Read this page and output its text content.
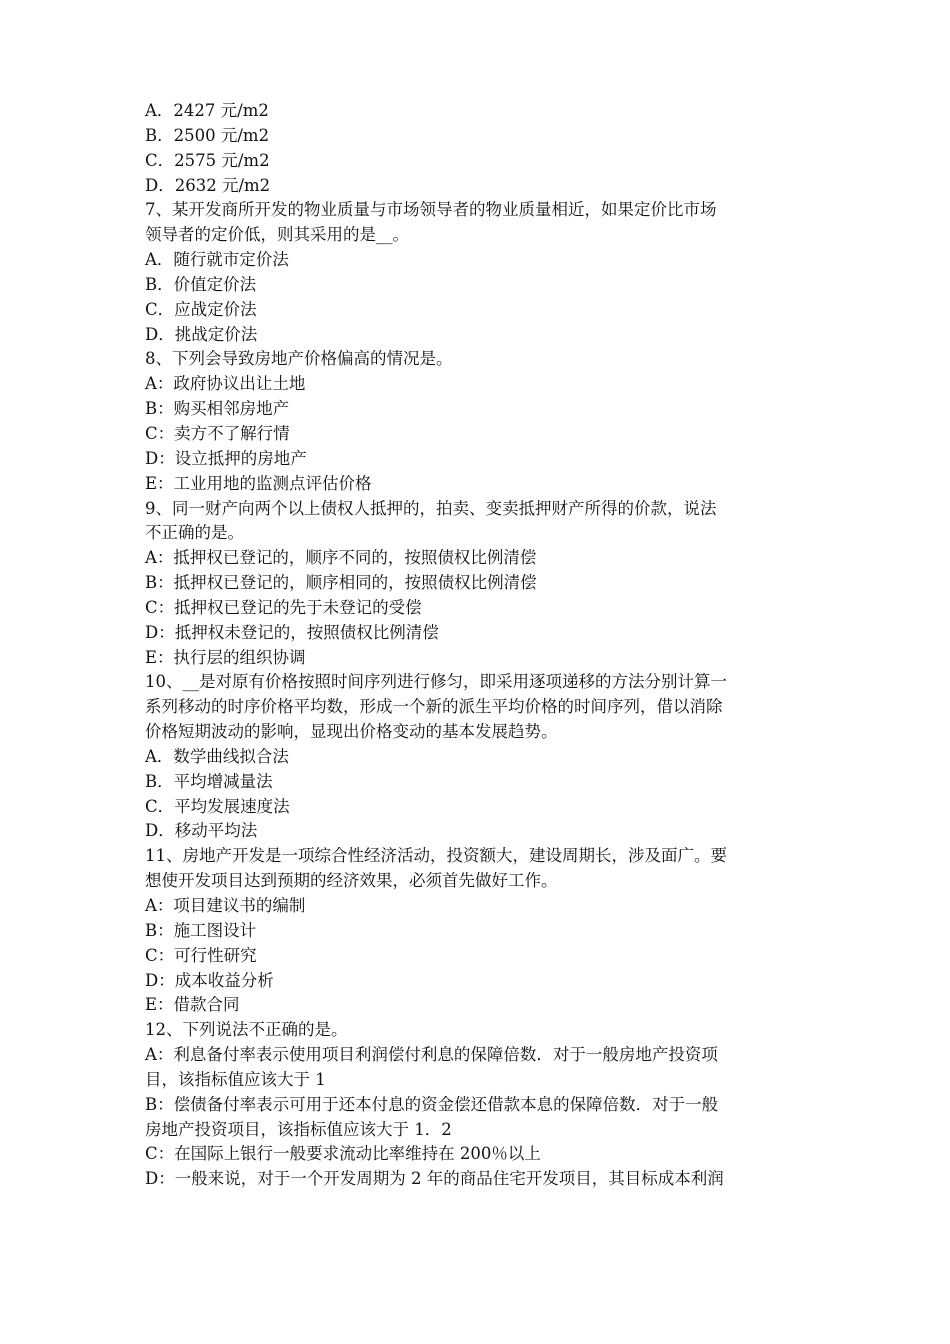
A．2427 元/m2
B．2500 元/m2
C．2575 元/m2
D．2632 元/m2
7、某开发商所开发的物业质量与市场领导者的物业质量相近，如果定价比市场
领导者的定价低，则其采用的是__。
A．随行就市定价法
B．价值定价法
C．应战定价法
D．挑战定价法
8、下列会导致房地产价格偏高的情况是。
A：政府协议出让土地
B：购买相邻房地产
C：卖方不了解行情
D：设立抵押的房地产
E：工业用地的监测点评估价格
9、同一财产向两个以上债权人抵押的，拍卖、变卖抵押财产所得的价款，说法
不正确的是。
A：抵押权已登记的，顺序不同的，按照债权比例清偿
B：抵押权已登记的，顺序相同的，按照债权比例清偿
C：抵押权已登记的先于未登记的受偿
D：抵押权未登记的，按照债权比例清偿
E：执行层的组织协调
10、__是对原有价格按照时间序列进行修匀，即采用逐项递移的方法分别计算一
系列移动的时序价格平均数，形成一个新的派生平均价格的时间序列，借以消除
价格短期波动的影响，显现出价格变动的基本发展趋势。
A．数学曲线拟合法
B．平均增减量法
C．平均发展速度法
D．移动平均法
11、房地产开发是一项综合性经济活动，投资额大，建设周期长，涉及面广。要
想使开发项目达到预期的经济效果，必须首先做好工作。
A：项目建议书的编制
B：施工图设计
C：可行性研究
D：成本收益分析
E：借款合同
12、下列说法不正确的是。
A：利息备付率表示使用项目利润偿付利息的保障倍数．对于一般房地产投资项
目，该指标值应该大于 1
B：偿债备付率表示可用于还本付息的资金偿还借款本息的保障倍数．对于一般
房地产投资项目，该指标值应该大于 1．2
C：在国际上银行一般要求流动比率维持在 200％以上
D：一般来说，对于一个开发周期为 2 年的商品住宅开发项目，其目标成本利润
